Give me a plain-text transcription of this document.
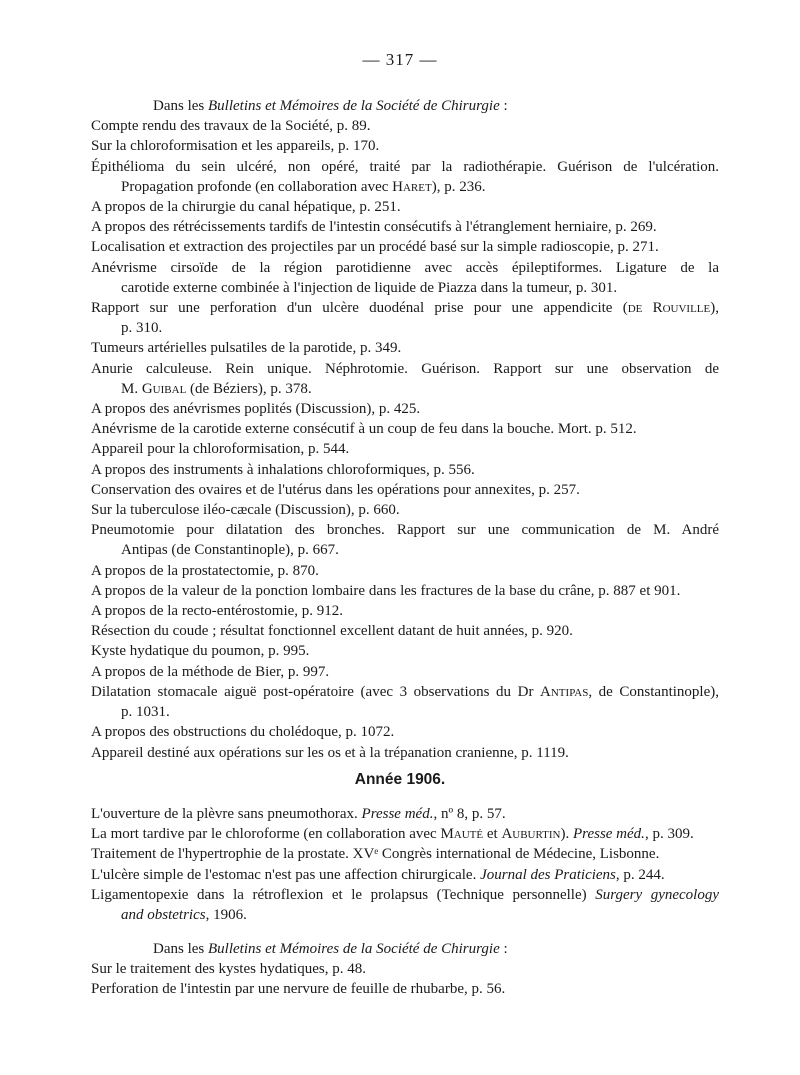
— 317 —
Dans les Bulletins et Mémoires de la Société de Chirurgie :
Compte rendu des travaux de la Société, p. 89.
Sur la chloroformisation et les appareils, p. 170.
Épithélioma du sein ulcéré, non opéré, traité par la radiothérapie. Guérison de l'ulcération.
Propagation profonde (en collaboration avec Haret), p. 236.
A propos de la chirurgie du canal hépatique, p. 251.
A propos des rétrécissements tardifs de l'intestin consécutifs à l'étranglement herniaire, p. 269.
Localisation et extraction des projectiles par un procédé basé sur la simple radioscopie, p. 271.
Anévrisme cirsoïde de la région parotidienne avec accès épileptiformes. Ligature de la
carotide externe combinée à l'injection de liquide de Piazza dans la tumeur, p. 301.
Rapport sur une perforation d'un ulcère duodénal prise pour une appendicite (de Rouville),
p. 310.
Tumeurs artérielles pulsatiles de la parotide, p. 349.
Anurie calculeuse. Rein unique. Néphrotomie. Guérison. Rapport sur une observation de
M. Guibal (de Béziers), p. 378.
A propos des anévrismes poplités (Discussion), p. 425.
Anévrisme de la carotide externe consécutif à un coup de feu dans la bouche. Mort. p. 512.
Appareil pour la chloroformisation, p. 544.
A propos des instruments à inhalations chloroformiques, p. 556.
Conservation des ovaires et de l'utérus dans les opérations pour annexites, p. 257.
Sur la tuberculose iléo-cæcale (Discussion), p. 660.
Pneumotomie pour dilatation des bronches. Rapport sur une communication de M. André
Antipas (de Constantinople), p. 667.
A propos de la prostatectomie, p. 870.
A propos de la valeur de la ponction lombaire dans les fractures de la base du crâne, p. 887 et 901.
A propos de la recto-entérostomie, p. 912.
Résection du coude ; résultat fonctionnel excellent datant de huit années, p. 920.
Kyste hydatique du poumon, p. 995.
A propos de la méthode de Bier, p. 997.
Dilatation stomacale aiguë post-opératoire (avec 3 observations du Dr Antipas, de Constantinople),
p. 1031.
A propos des obstructions du cholédoque, p. 1072.
Appareil destiné aux opérations sur les os et à la trépanation cranienne, p. 1119.
Année 1906.
L'ouverture de la plèvre sans pneumothorax. Presse méd., nº 8, p. 57.
La mort tardive par le chloroforme (en collaboration avec Mauté et Auburtin). Presse méd., p. 309.
Traitement de l'hypertrophie de la prostate. XVᵉ Congrès international de Médecine, Lisbonne.
L'ulcère simple de l'estomac n'est pas une affection chirurgicale. Journal des Praticiens, p. 244.
Ligamentopexie dans la rétroflexion et le prolapsus (Technique personnelle) Surgery gynecology
and obstetrics, 1906.
Dans les Bulletins et Mémoires de la Société de Chirurgie :
Sur le traitement des kystes hydatiques, p. 48.
Perforation de l'intestin par une nervure de feuille de rhubarbe, p. 56.
